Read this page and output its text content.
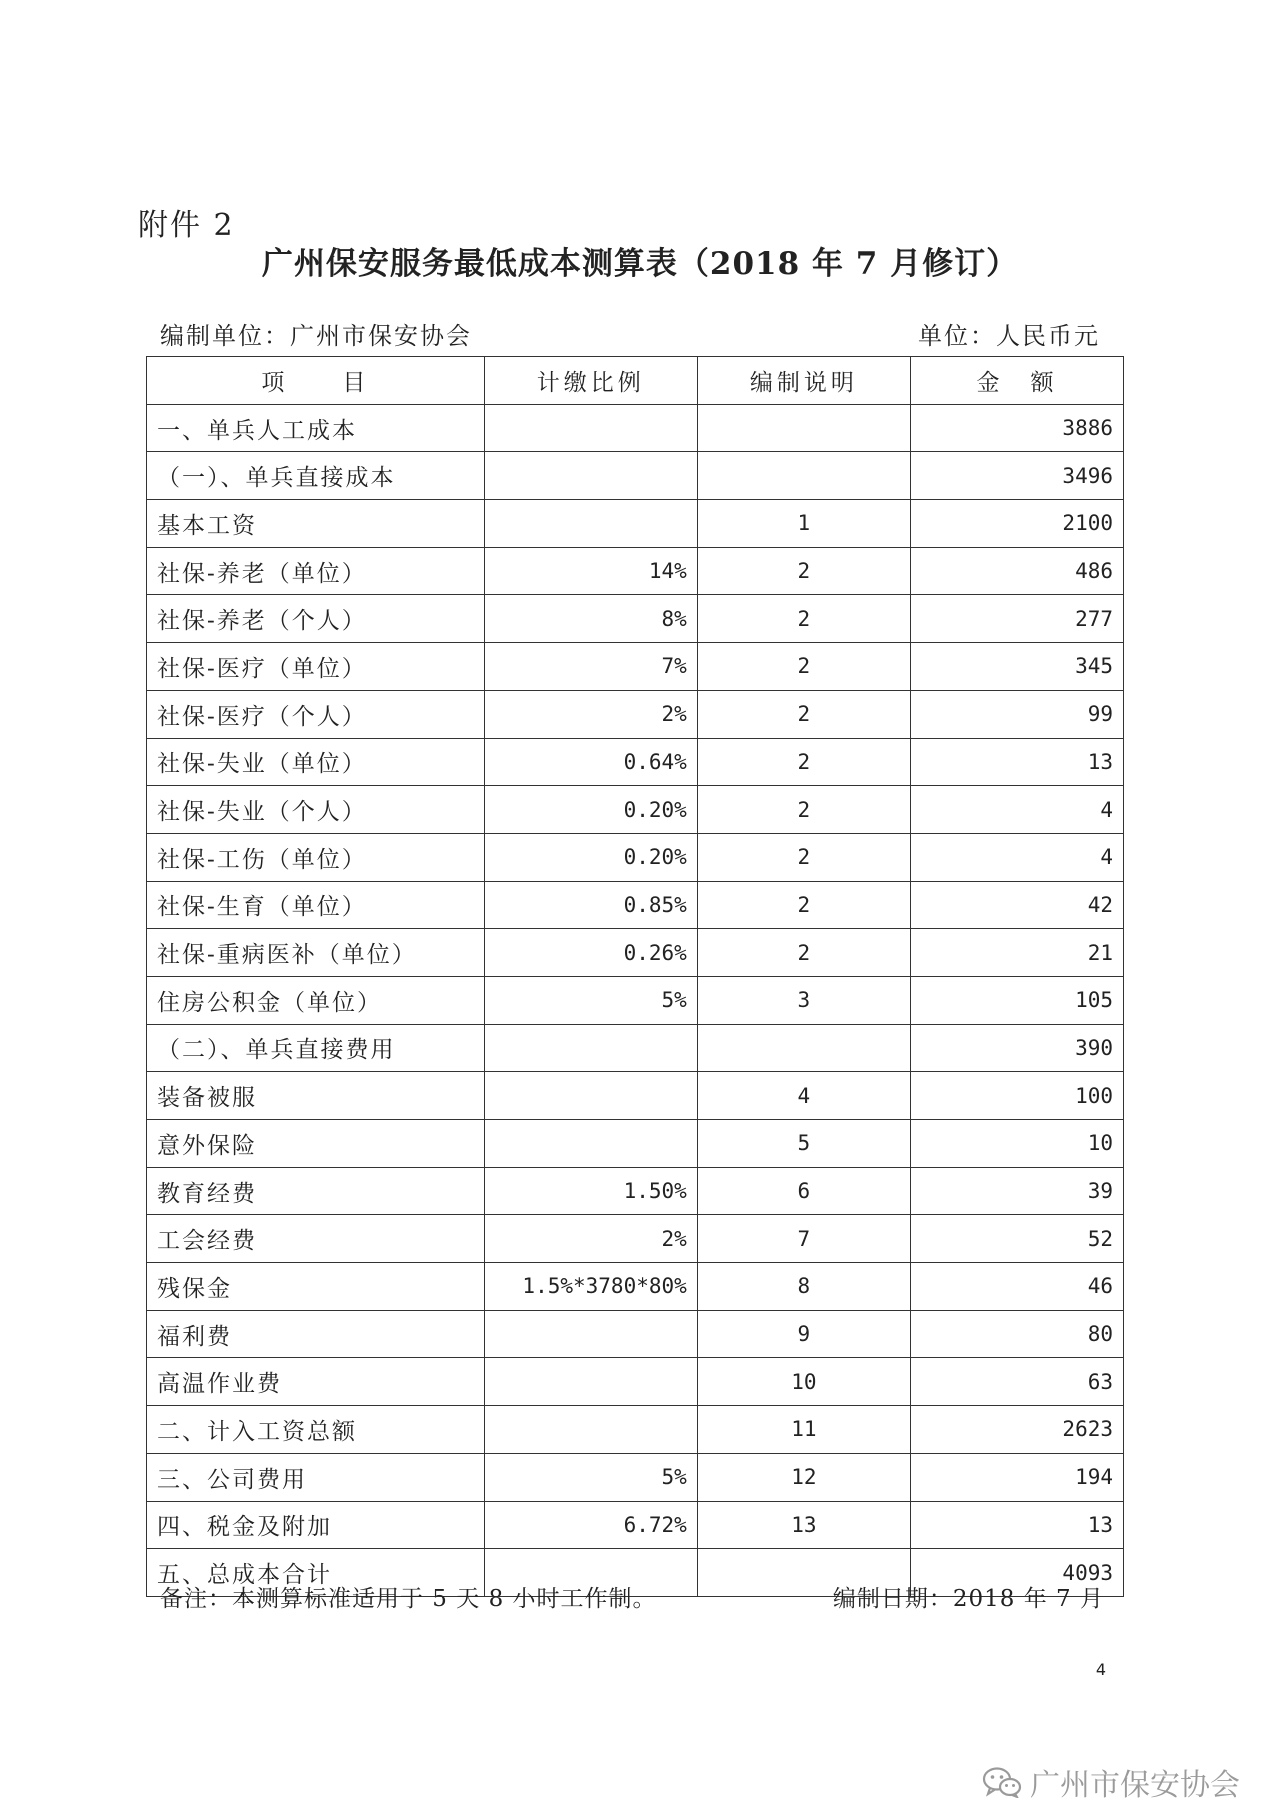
附件 2
广州保安服务最低成本测算表（2018 年 7 月修订）
编制单位：广州市保安协会	单位：人民币元
项　　目	计缴比例	编制说明	金　额
一、单兵人工成本			3886
（一）、单兵直接成本			3496
基本工资		1	2100
社保-养老（单位）	14%	2	486
社保-养老（个人）	8%	2	277
社保-医疗（单位）	7%	2	345
社保-医疗（个人）	2%	2	99
社保-失业（单位）	0.64%	2	13
社保-失业（个人）	0.20%	2	4
社保-工伤（单位）	0.20%	2	4
社保-生育（单位）	0.85%	2	42
社保-重病医补（单位）	0.26%	2	21
住房公积金（单位）	5%	3	105
（二）、单兵直接费用			390
装备被服		4	100
意外保险		5	10
教育经费	1.50%	6	39
工会经费	2%	7	52
残保金	1.5%*3780*80%	8	46
福利费		9	80
高温作业费		10	63
二、计入工资总额		11	2623
三、公司费用	5%	12	194
四、税金及附加	6.72%	13	13
五、总成本合计			4093
备注：本测算标准适用于 5 天 8 小时工作制。	编制日期：2018 年 7 月
4
广州市保安协会
